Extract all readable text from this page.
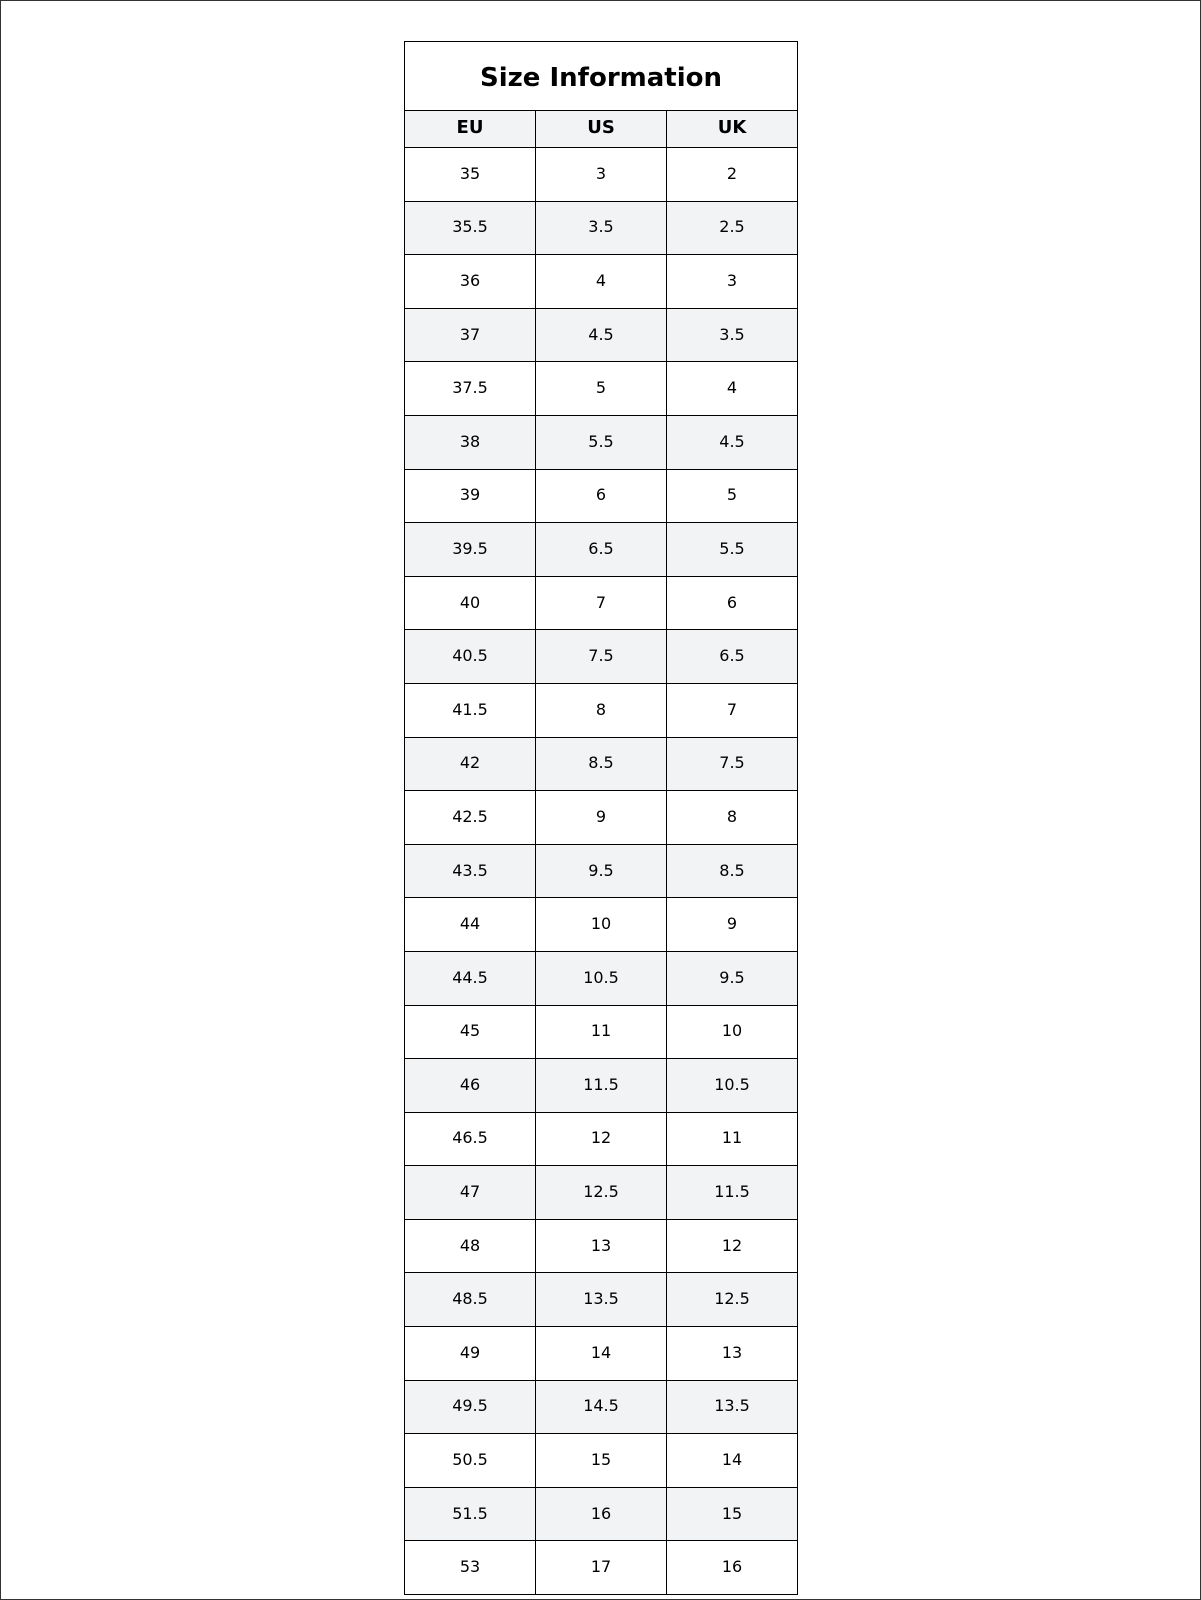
Size Information		
EU	US	UK
35	3	2
35.5	3.5	2.5
36	4	3
37	4.5	3.5
37.5	5	4
38	5.5	4.5
39	6	5
39.5	6.5	5.5
40	7	6
40.5	7.5	6.5
41.5	8	7
42	8.5	7.5
42.5	9	8
43.5	9.5	8.5
44	10	9
44.5	10.5	9.5
45	11	10
46	11.5	10.5
46.5	12	11
47	12.5	11.5
48	13	12
48.5	13.5	12.5
49	14	13
49.5	14.5	13.5
50.5	15	14
51.5	16	15
53	17	16
